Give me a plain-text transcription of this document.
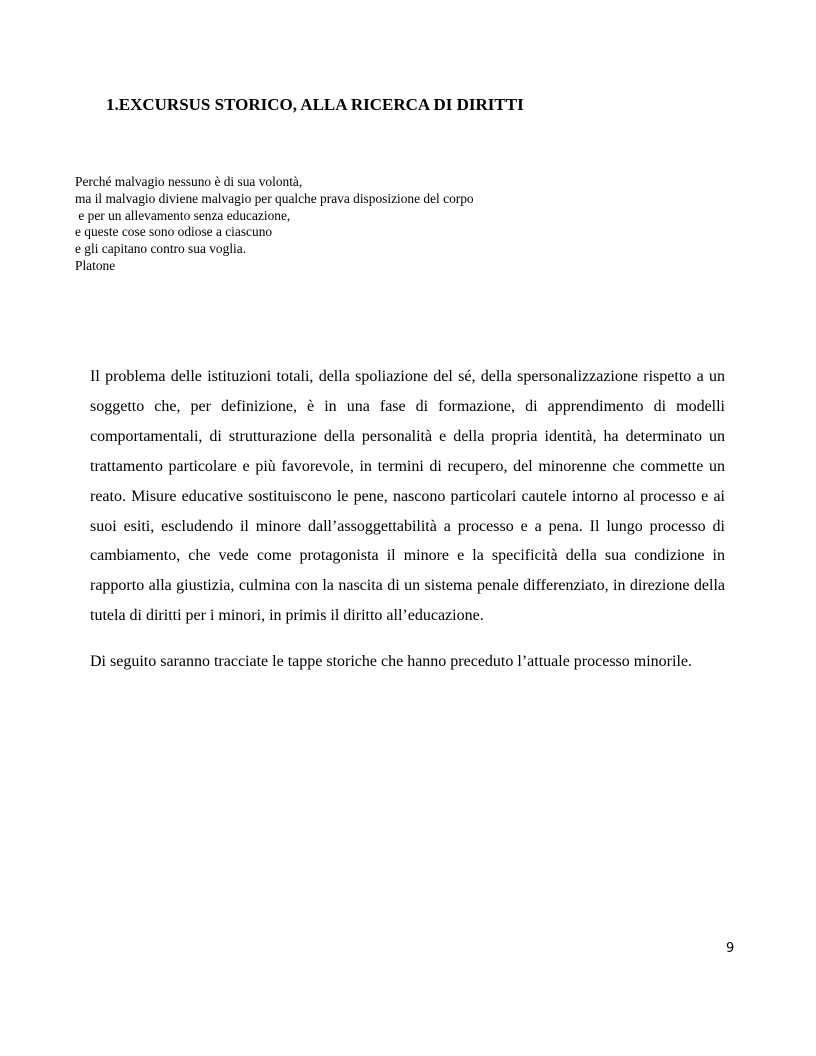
1.EXCURSUS STORICO, ALLA RICERCA DI DIRITTI
Perché malvagio nessuno è di sua volontà,
ma il malvagio diviene malvagio per qualche prava disposizione del corpo
e per un allevamento senza educazione,
e queste cose sono odiose a ciascuno
e gli capitano contro sua voglia.
Platone

Il problema delle istituzioni totali, della spoliazione del sé, della spersonalizzazione rispetto a un soggetto che, per definizione, è in una fase di formazione, di apprendimento di modelli comportamentali, di strutturazione della personalità e della propria identità, ha determinato un trattamento particolare e più favorevole, in termini di recupero, del minorenne che commette un reato. Misure educative sostituiscono le pene, nascono particolari cautele intorno al processo e ai suoi esiti, escludendo il minore dall’assoggettabilità a processo e a pena. Il lungo processo di cambiamento, che vede come protagonista il minore e la specificità della sua condizione in rapporto alla giustizia, culmina con la nascita di un sistema penale differenziato, in direzione della tutela di diritti per i minori, in primis il diritto all’educazione.

Di seguito saranno tracciate le tappe storiche che hanno preceduto l’attuale processo minorile.

9
